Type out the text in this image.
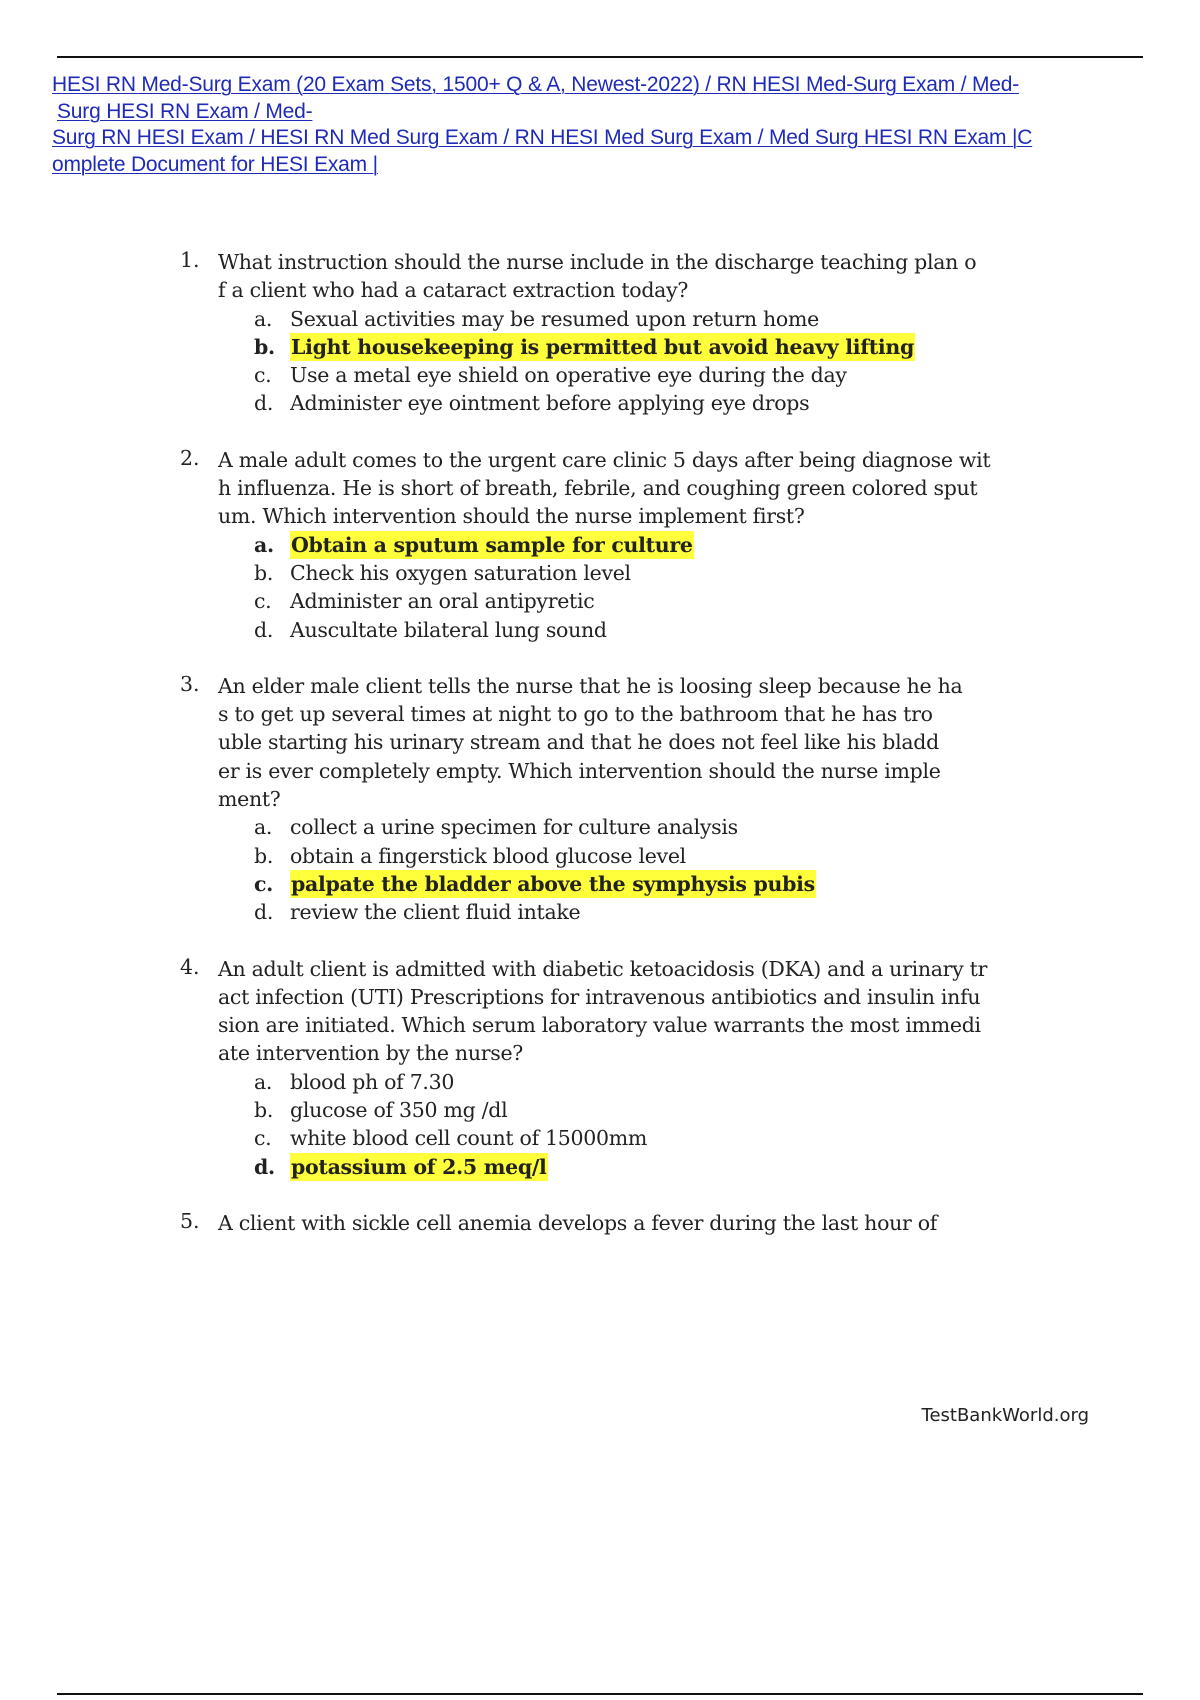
HESI RN Med-Surg Exam (20 Exam Sets, 1500+ Q & A, Newest-2022) / RN HESI Med-Surg Exam / Med-
Surg HESI RN Exam / Med-
Surg RN HESI Exam / HESI RN Med Surg Exam / RN HESI Med Surg Exam / Med Surg HESI RN Exam |C
omplete Document for HESI Exam |
1. What instruction should the nurse include in the discharge teaching plan o
f a client who had a cataract extraction today?
a. Sexual activities may be resumed upon return home
b. Light housekeeping is permitted but avoid heavy lifting
c. Use a metal eye shield on operative eye during the day
d. Administer eye ointment before applying eye drops
2. A male adult comes to the urgent care clinic 5 days after being diagnose wit
h influenza. He is short of breath, febrile, and coughing green colored sput
um. Which intervention should the nurse implement first?
a. Obtain a sputum sample for culture
b. Check his oxygen saturation level
c. Administer an oral antipyretic
d. Auscultate bilateral lung sound
3. An elder male client tells the nurse that he is loosing sleep because he ha
s to get up several times at night to go to the bathroom that he has tro
uble starting his urinary stream and that he does not feel like his bladd
er is ever completely empty. Which intervention should the nurse imple
ment?
a. collect a urine specimen for culture analysis
b. obtain a fingerstick blood glucose level
c. palpate the bladder above the symphysis pubis
d. review the client fluid intake
4. An adult client is admitted with diabetic ketoacidosis (DKA) and a urinary tr
act infection (UTI) Prescriptions for intravenous antibiotics and insulin infu
sion are initiated. Which serum laboratory value warrants the most immedi
ate intervention by the nurse?
a. blood ph of 7.30
b. glucose of 350 mg /dl
c. white blood cell count of 15000mm
d. potassium of 2.5 meq/l
5. A client with sickle cell anemia develops a fever during the last hour of
TestBankWorld.org
